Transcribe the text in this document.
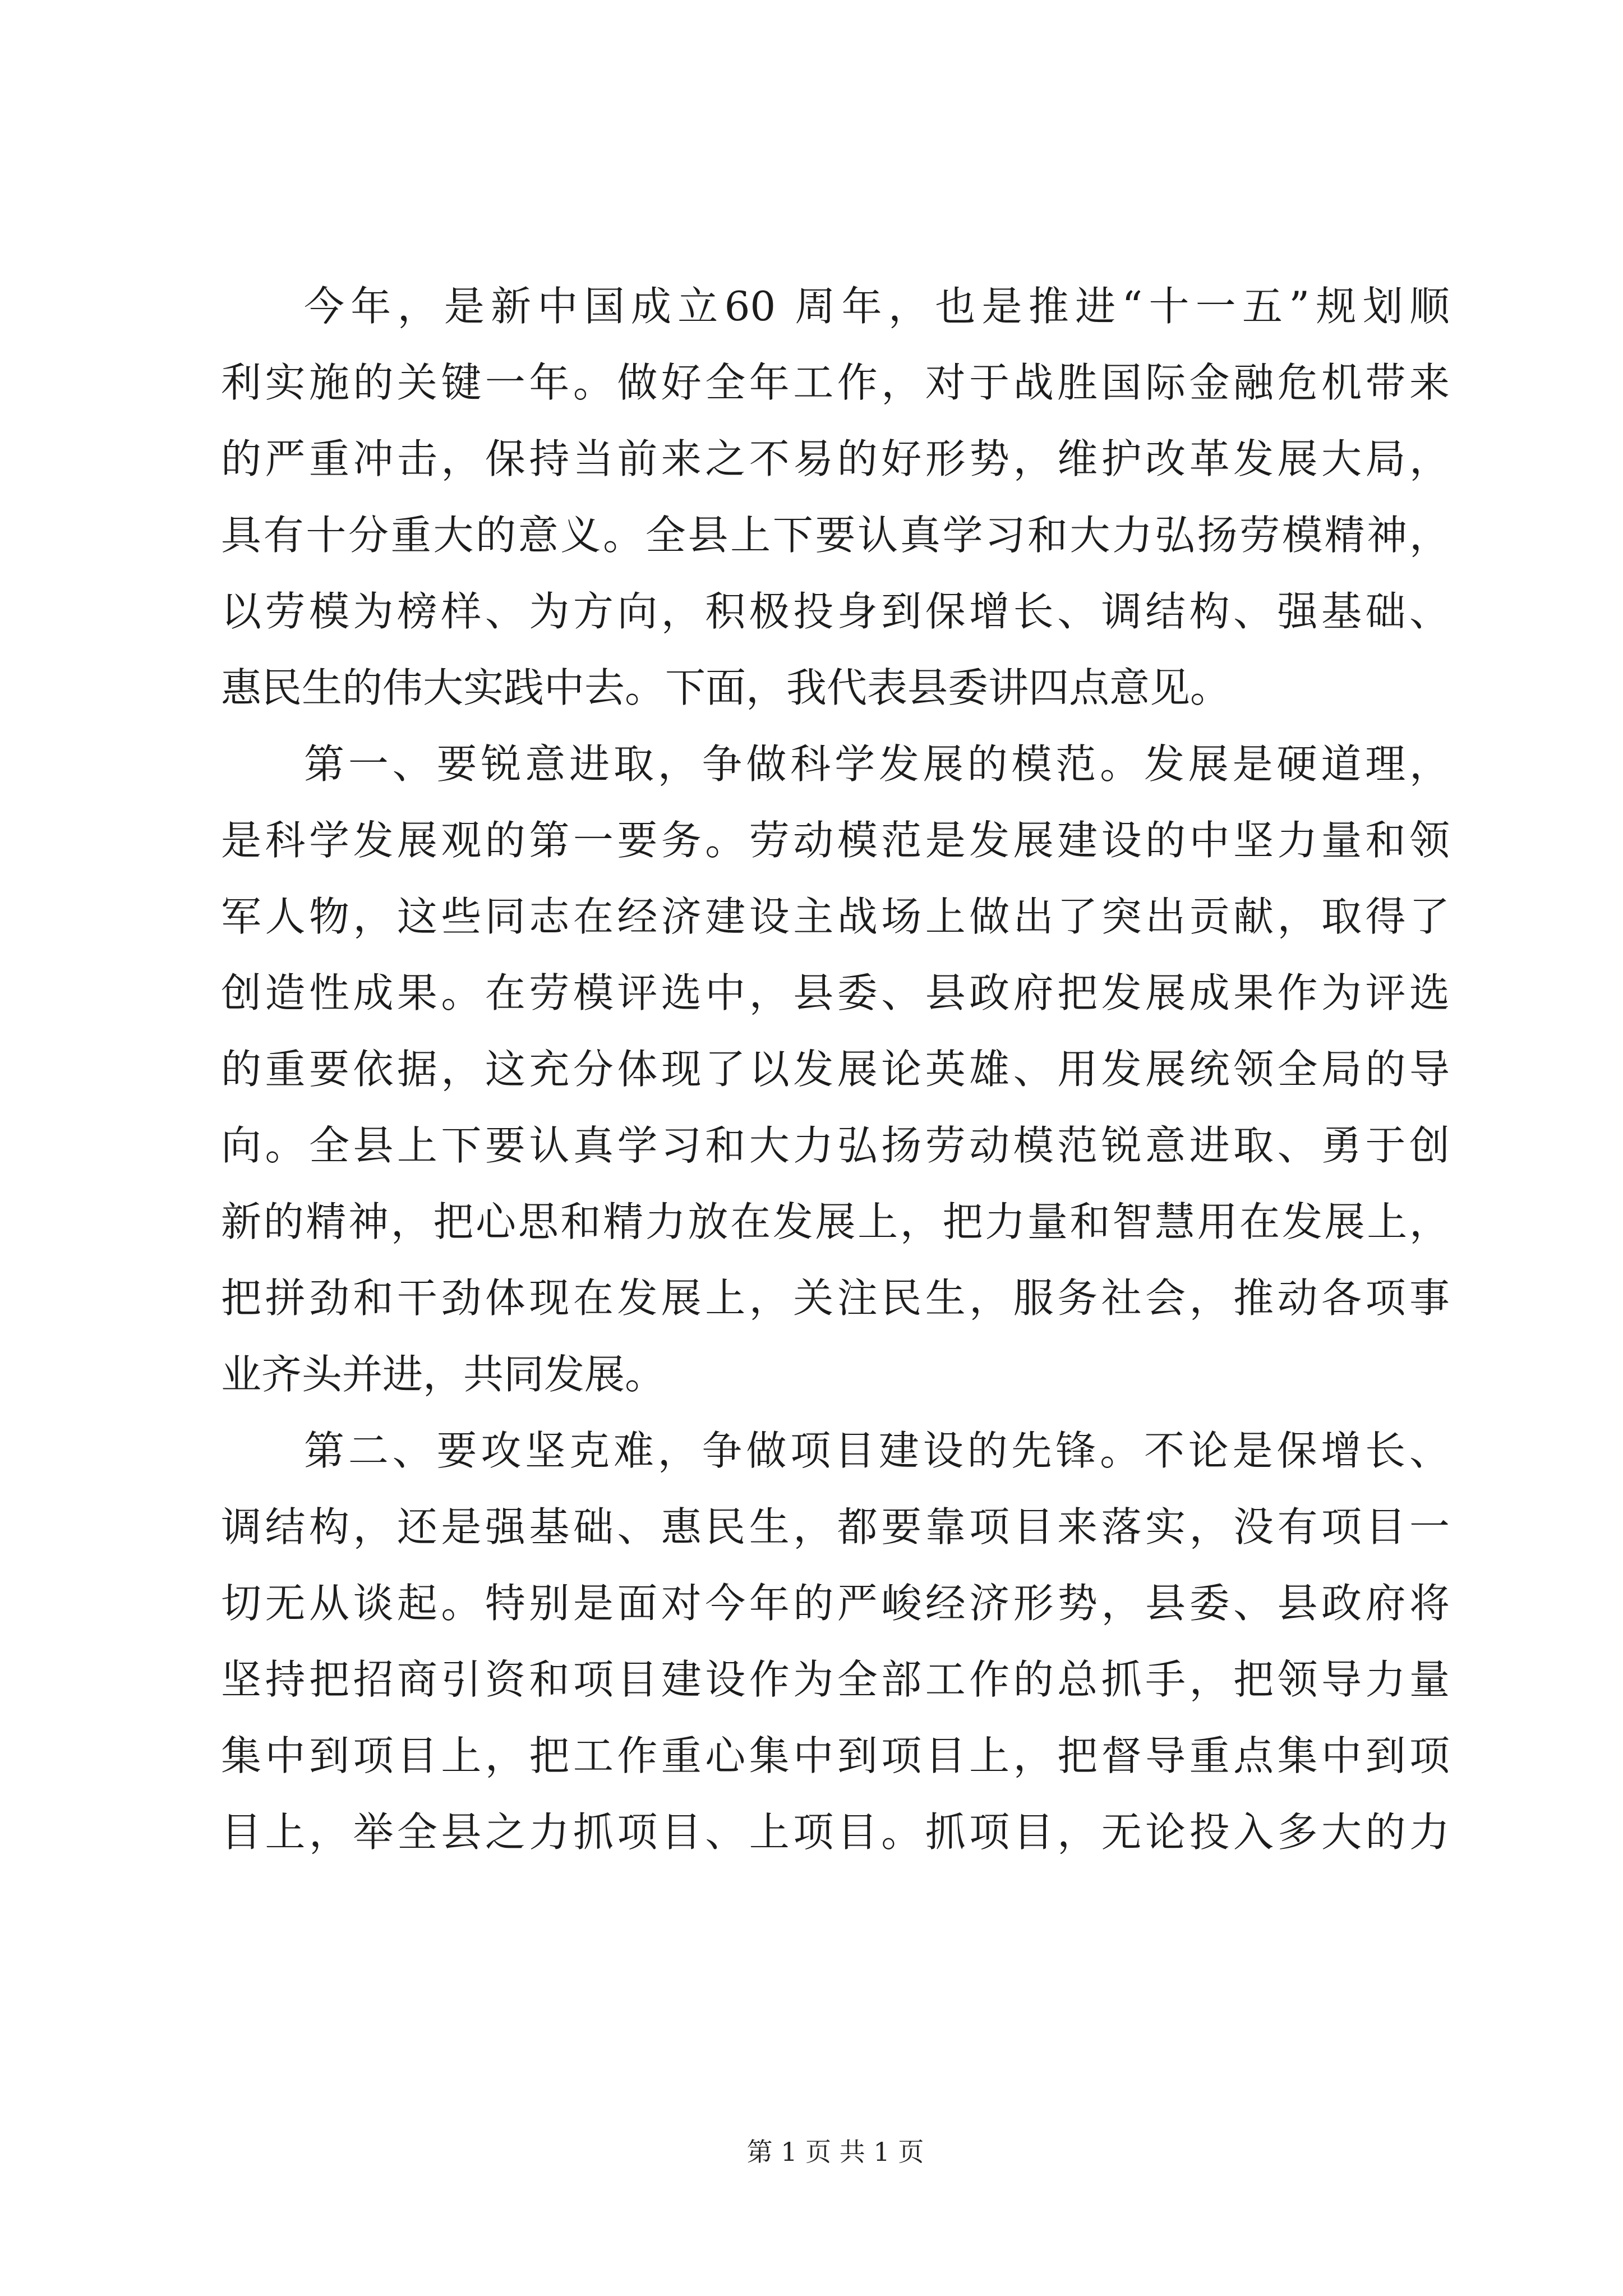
今年，是新中国成立60 周年，也是推进“十一五”规划顺
利实施的关键一年。做好全年工作，对于战胜国际金融危机带来
的严重冲击，保持当前来之不易的好形势，维护改革发展大局，
具有十分重大的意义。全县上下要认真学习和大力弘扬劳模精神，
以劳模为榜样、为方向，积极投身到保增长、调结构、强基础、
惠民生的伟大实践中去。下面，我代表县委讲四点意见。
第一、要锐意进取，争做科学发展的模范。发展是硬道理，
是科学发展观的第一要务。劳动模范是发展建设的中坚力量和领
军人物，这些同志在经济建设主战场上做出了突出贡献，取得了
创造性成果。在劳模评选中，县委、县政府把发展成果作为评选
的重要依据，这充分体现了以发展论英雄、用发展统领全局的导
向。全县上下要认真学习和大力弘扬劳动模范锐意进取、勇于创
新的精神，把心思和精力放在发展上，把力量和智慧用在发展上，
把拼劲和干劲体现在发展上，关注民生，服务社会，推动各项事
业齐头并进，共同发展。
第二、要攻坚克难，争做项目建设的先锋。不论是保增长、
调结构，还是强基础、惠民生，都要靠项目来落实，没有项目一
切无从谈起。特别是面对今年的严峻经济形势，县委、县政府将
坚持把招商引资和项目建设作为全部工作的总抓手，把领导力量
集中到项目上，把工作重心集中到项目上，把督导重点集中到项
目上，举全县之力抓项目、上项目。抓项目，无论投入多大的力
第 1 页 共 1 页
